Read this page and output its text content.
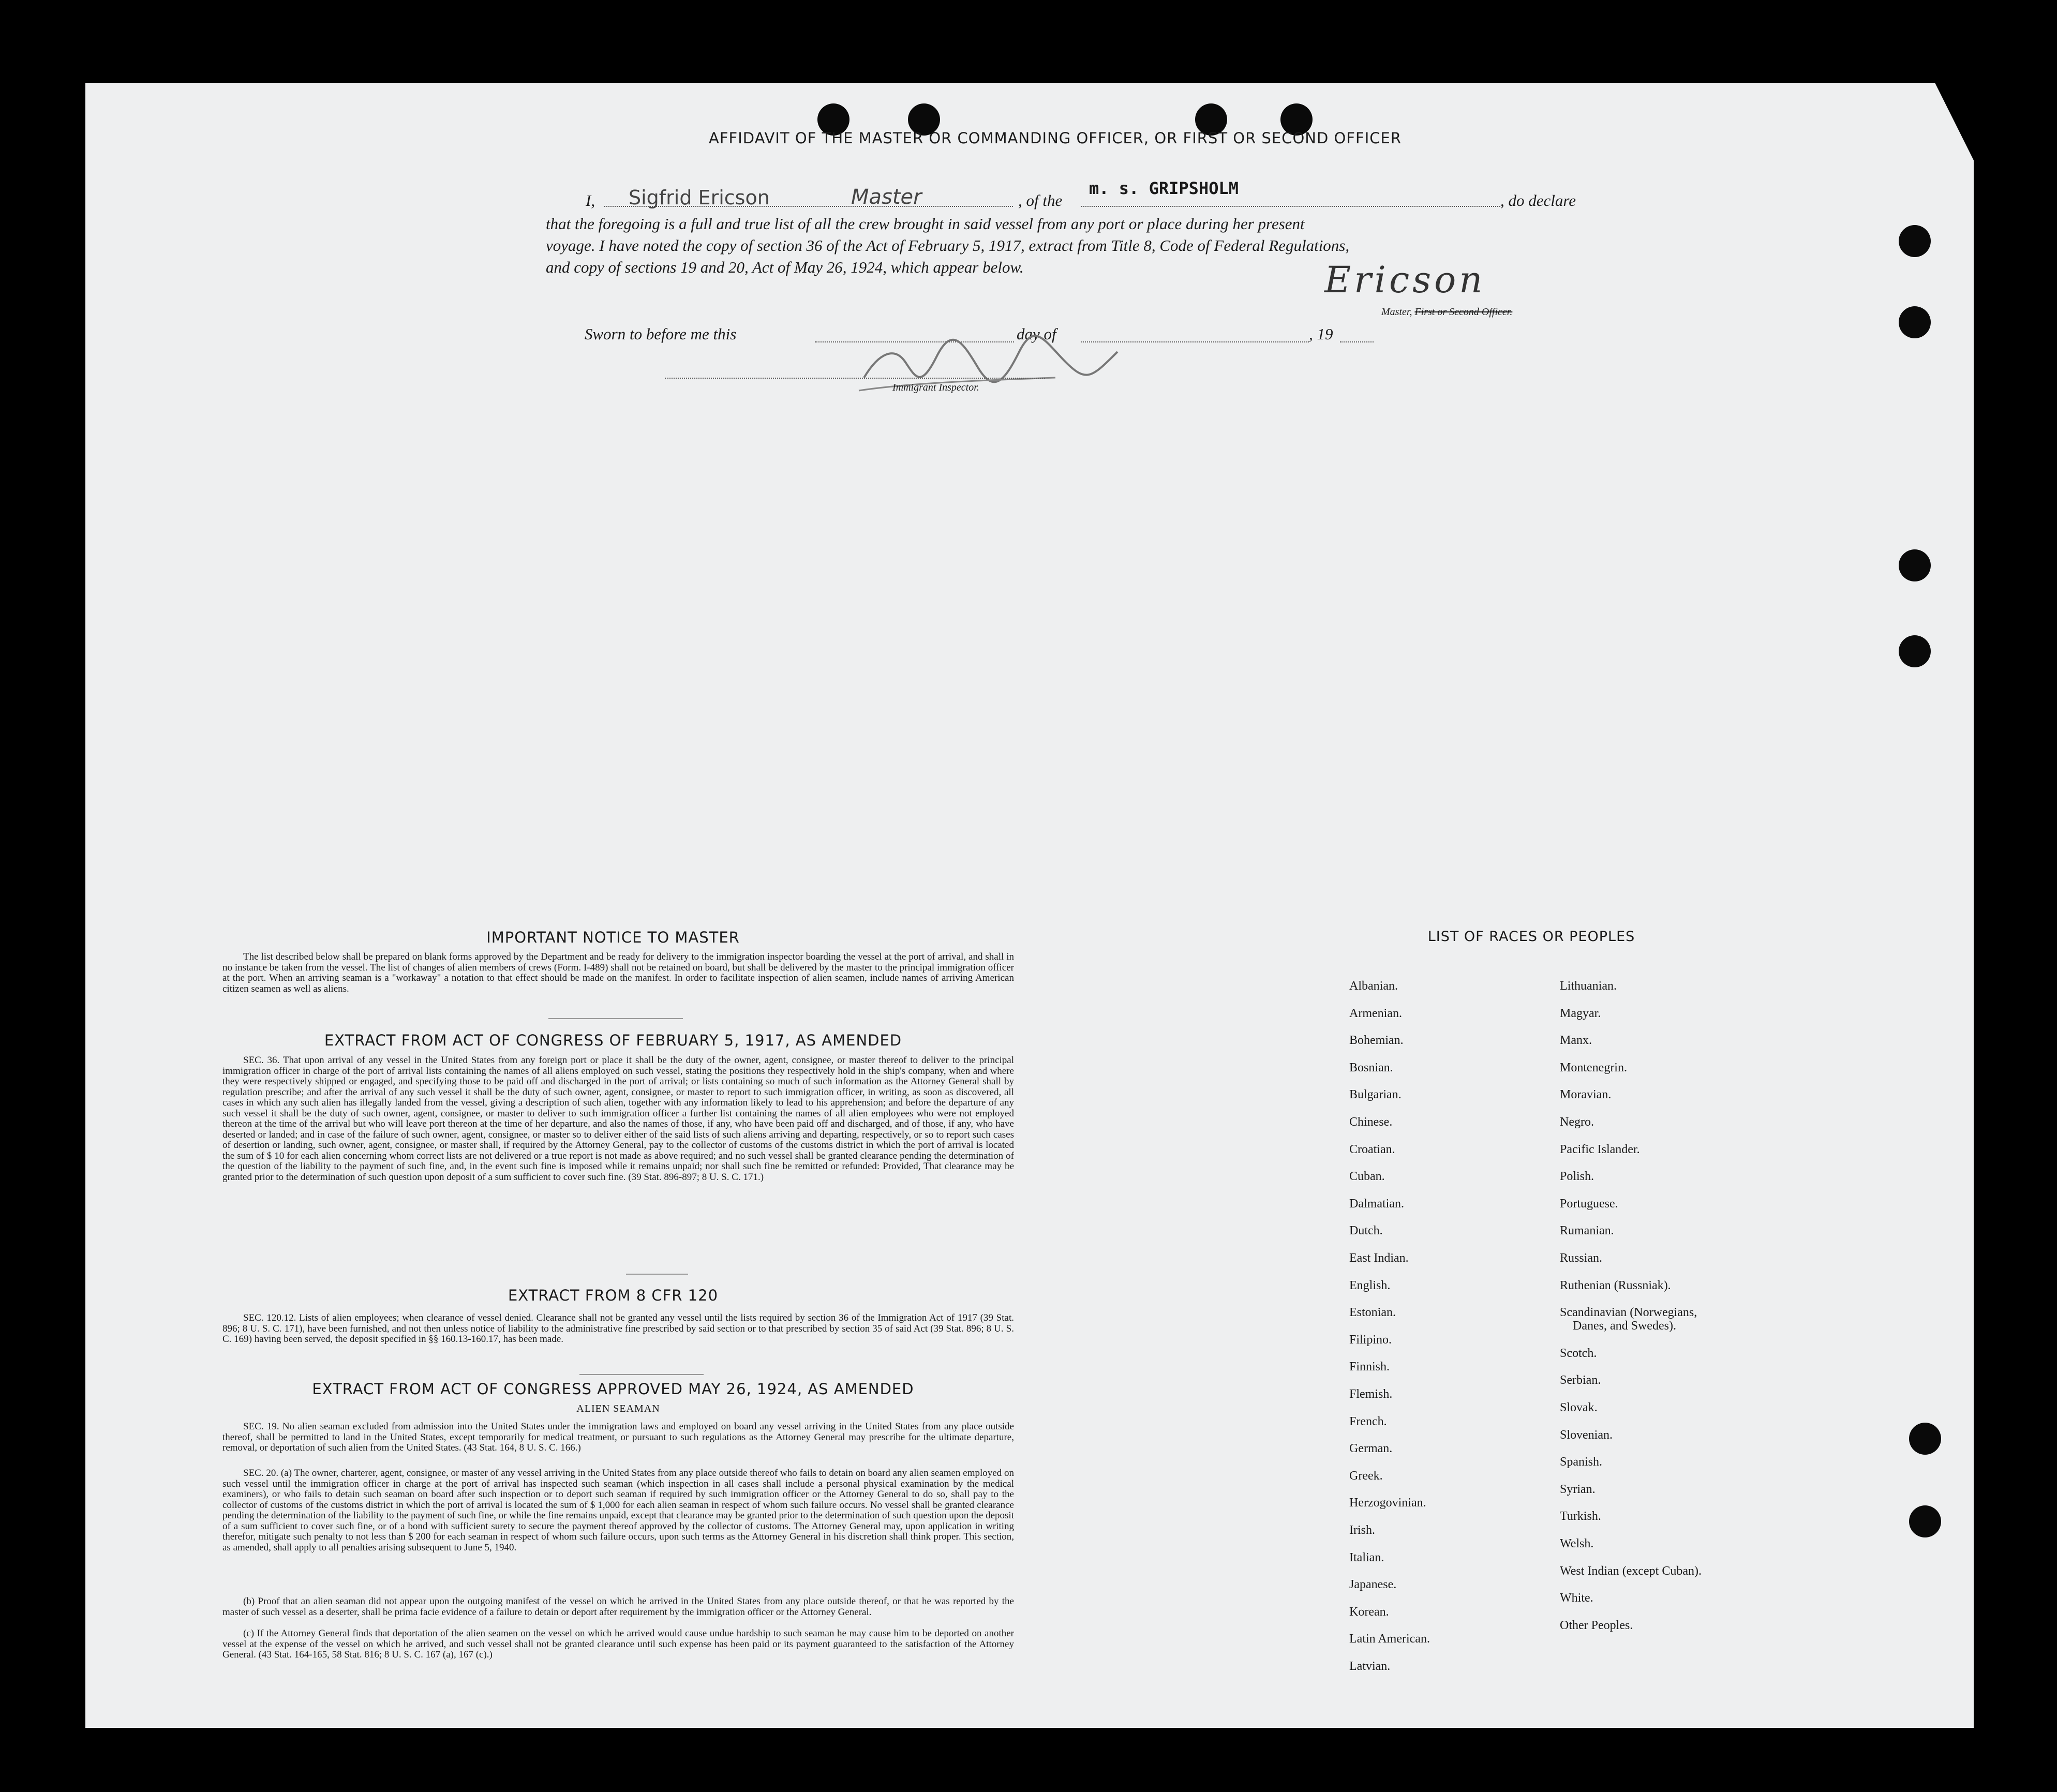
AFFIDAVIT OF THE MASTER OR COMMANDING OFFICER, OR FIRST OR SECOND OFFICER
I, Sigfrid Ericson	Master	, of the
m. s. GRIPSHOLM
, do declare
that the foregoing is a full and true list of all the crew brought in said vessel from any port or place during her present
voyage. I have noted the copy of section 36 of the Act of February 5, 1917, extract from Title 8, Code of Federal Regulations,
and copy of sections 19 and 20, Act of May 26, 1924, which appear below.	Ericson
Master, First or Second Officer.
Sworn to before me this	day of	, 19
Immigrant Inspector.
IMPORTANT NOTICE TO MASTER
The list described below shall be prepared on blank forms approved by the Department and be ready for delivery to the immigration inspector boarding the vessel at the port of arrival, and shall in no instance be taken from the vessel. The list of changes of alien members of crews (Form. I-489) shall not be retained on board, but shall be delivered by the master to the principal immigration officer at the port. When an arriving seaman is a "workaway" a notation to that effect should be made on the manifest. In order to facilitate inspection of alien seamen, include names of arriving American citizen seamen as well as aliens.
EXTRACT FROM ACT OF CONGRESS OF FEBRUARY 5, 1917, AS AMENDED
SEC. 36. That upon arrival of any vessel in the United States from any foreign port or place it shall be the duty of the owner, agent, consignee, or master thereof to deliver to the principal immigration officer in charge of the port of arrival lists containing the names of all aliens employed on such vessel, stating the positions they respectively hold in the ship's company, when and where they were respectively shipped or engaged, and specifying those to be paid off and discharged in the port of arrival; or lists containing so much of such information as the Attorney General shall by regulation prescribe; and after the arrival of any such vessel it shall be the duty of such owner, agent, consignee, or master to report to such immigration officer, in writing, as soon as discovered, all cases in which any such alien has illegally landed from the vessel, giving a description of such alien, together with any information likely to lead to his apprehension; and before the departure of any such vessel it shall be the duty of such owner, agent, consignee, or master to deliver to such immigration officer a further list containing the names of all alien employees who were not employed thereon at the time of the arrival but who will leave port thereon at the time of her departure, and also the names of those, if any, who have been paid off and discharged, and of those, if any, who have deserted or landed; and in case of the failure of such owner, agent, consignee, or master so to deliver either of the said lists of such aliens arriving and departing, respectively, or so to report such cases of desertion or landing, such owner, agent, consignee, or master shall, if required by the Attorney General, pay to the collector of customs of the customs district in which the port of arrival is located the sum of $ 10 for each alien concerning whom correct lists are not delivered or a true report is not made as above required; and no such vessel shall be granted clearance pending the determination of the question of the liability to the payment of such fine, and, in the event such fine is imposed while it remains unpaid; nor shall such fine be remitted or refunded: Provided, That clearance may be granted prior to the determination of such question upon deposit of a sum sufficient to cover such fine. (39 Stat. 896-897; 8 U. S. C. 171.)
EXTRACT FROM 8 CFR 120
SEC. 120.12. Lists of alien employees; when clearance of vessel denied. Clearance shall not be granted any vessel until the lists required by section 36 of the Immigration Act of 1917 (39 Stat. 896; 8 U. S. C. 171), have been furnished, and not then unless notice of liability to the administrative fine prescribed by said section or to that prescribed by section 35 of said Act (39 Stat. 896; 8 U. S. C. 169) having been served, the deposit specified in §§ 160.13-160.17, has been made.
EXTRACT FROM ACT OF CONGRESS APPROVED MAY 26, 1924, AS AMENDED
ALIEN SEAMAN
SEC. 19. No alien seaman excluded from admission into the United States under the immigration laws and employed on board any vessel arriving in the United States from any place outside thereof, shall be permitted to land in the United States, except temporarily for medical treatment, or pursuant to such regulations as the Attorney General may prescribe for the ultimate departure, removal, or deportation of such alien from the United States. (43 Stat. 164, 8 U. S. C. 166.)
SEC. 20. (a) The owner, charterer, agent, consignee, or master of any vessel arriving in the United States from any place outside thereof who fails to detain on board any alien seamen employed on such vessel until the immigration officer in charge at the port of arrival has inspected such seaman (which inspection in all cases shall include a personal physical examination by the medical examiners), or who fails to detain such seaman on board after such inspection or to deport such seaman if required by such immigration officer or the Attorney General to do so, shall pay to the collector of customs of the customs district in which the port of arrival is located the sum of $ 1,000 for each alien seaman in respect of whom such failure occurs. No vessel shall be granted clearance pending the determination of the liability to the payment of such fine, or while the fine remains unpaid, except that clearance may be granted prior to the determination of such question upon the deposit of a sum sufficient to cover such fine, or of a bond with sufficient surety to secure the payment thereof approved by the collector of customs. The Attorney General may, upon application in writing therefor, mitigate such penalty to not less than $ 200 for each seaman in respect of whom such failure occurs, upon such terms as the Attorney General in his discretion shall think proper. This section, as amended, shall apply to all penalties arising subsequent to June 5, 1940.
(b) Proof that an alien seaman did not appear upon the outgoing manifest of the vessel on which he arrived in the United States from any place outside thereof, or that he was reported by the master of such vessel as a deserter, shall be prima facie evidence of a failure to detain or deport after requirement by the immigration officer or the Attorney General.
(c) If the Attorney General finds that deportation of the alien seamen on the vessel on which he arrived would cause undue hardship to such seaman he may cause him to be deported on another vessel at the expense of the vessel on which he arrived, and such vessel shall not be granted clearance until such expense has been paid or its payment guaranteed to the satisfaction of the Attorney General. (43 Stat. 164-165, 58 Stat. 816; 8 U. S. C. 167 (a), 167 (c).)
LIST OF RACES OR PEOPLES
Albanian.
Armenian.
Bohemian.
Bosnian.
Bulgarian.
Chinese.
Croatian.
Cuban.
Dalmatian.
Dutch.
East Indian.
English.
Estonian.
Filipino.
Finnish.
Flemish.
French.
German.
Greek.
Herzogovinian.
Irish.
Italian.
Japanese.
Korean.
Latin American.
Latvian.
Lithuanian.
Magyar.
Manx.
Montenegrin.
Moravian.
Negro.
Pacific Islander.
Polish.
Portuguese.
Rumanian.
Russian.
Ruthenian (Russniak).
Scandinavian (Norwegians,
Danes, and Swedes).
Scotch.
Serbian.
Slovak.
Slovenian.
Spanish.
Syrian.
Turkish.
Welsh.
West Indian (except Cuban).
White.
Other Peoples.
